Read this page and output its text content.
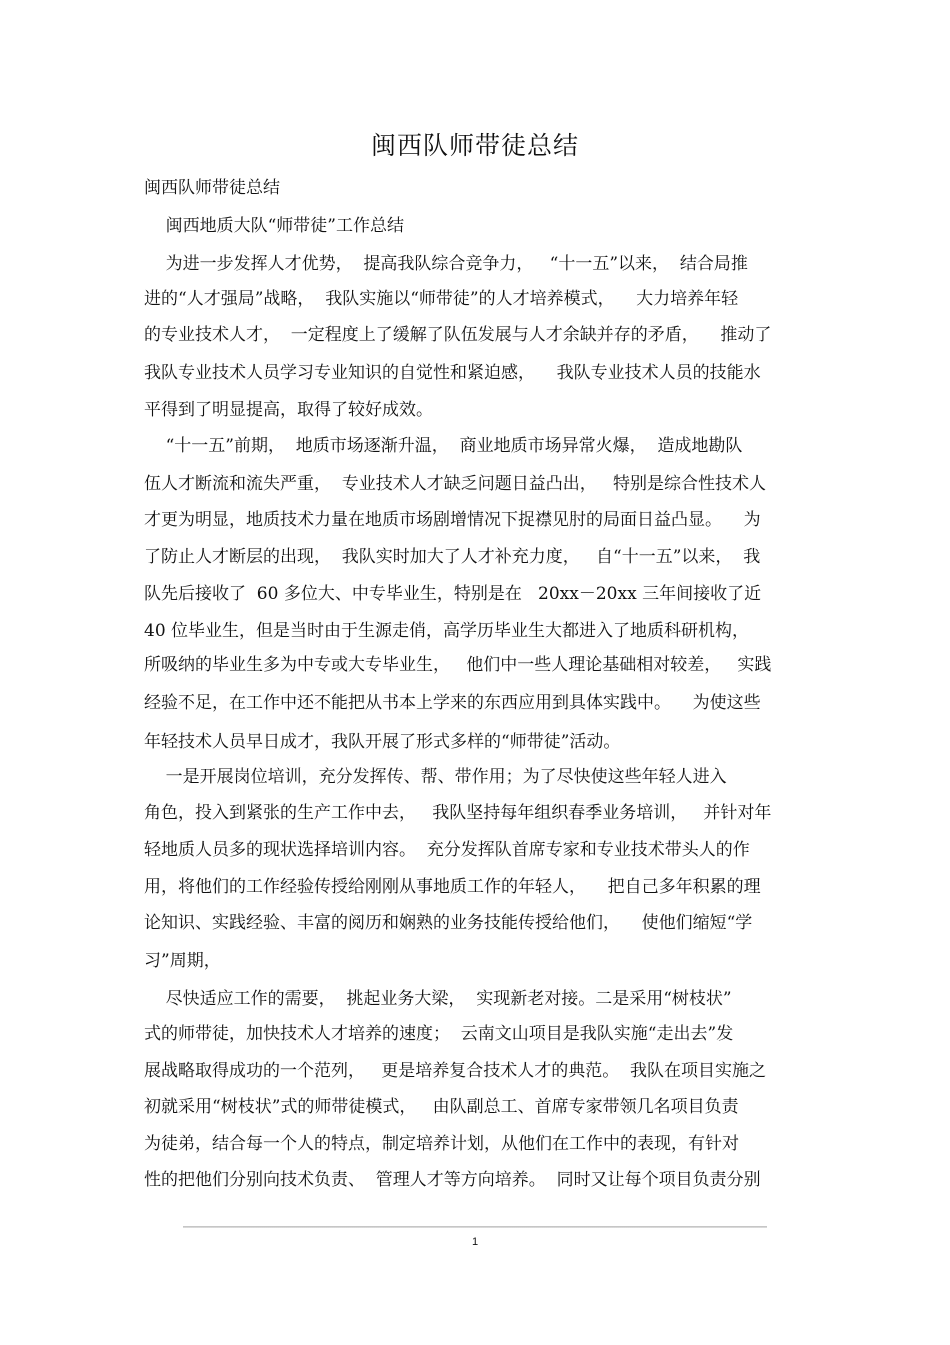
闽西队师带徒总结

闽西队师带徒总结

闽西地质大队“师带徒”工作总结

为进一步发挥人才优势，  提高我队综合竞争力，   “十一五”以来，  结合局推

进的“人才强局”战略，  我队实施以“师带徒”的人才培养模式，    大力培养年轻

的专业技术人才，  一定程度上了缓解了队伍发展与人才余缺并存的矛盾，    推动了

我队专业技术人员学习专业知识的自觉性和紧迫感，    我队专业技术人员的技能水

平得到了明显提高，取得了较好成效。

“十一五”前期，  地质市场逐渐升温，  商业地质市场异常火爆，  造成地勘队

伍人才断流和流失严重，  专业技术人才缺乏问题日益凸出，   特别是综合性技术人

才更为明显，地质技术力量在地质市场剧增情况下捉襟见肘的局面日益凸显。    为

了防止人才断层的出现，  我队实时加大了人才补充力度，   自“十一五”以来，  我

队先后接收了  60 多位大、中专毕业生，特别是在   20xx－20xx 三年间接收了近

40 位毕业生，但是当时由于生源走俏，高学历毕业生大都进入了地质科研机构，

所吸纳的毕业生多为中专或大专毕业生，   他们中一些人理论基础相对较差，   实践

经验不足，在工作中还不能把从书本上学来的东西应用到具体实践中。    为使这些

年轻技术人员早日成才，我队开展了形式多样的“师带徒”活动。

一是开展岗位培训，充分发挥传、帮、带作用；为了尽快使这些年轻人进入

角色，投入到紧张的生产工作中去，   我队坚持每年组织春季业务培训，   并针对年

轻地质人员多的现状选择培训内容。  充分发挥队首席专家和专业技术带头人的作

用，将他们的工作经验传授给刚刚从事地质工作的年轻人，    把自己多年积累的理

论知识、实践经验、丰富的阅历和娴熟的业务技能传授给他们，    使他们缩短“学

习”周期，

尽快适应工作的需要，  挑起业务大梁，  实现新老对接。二是采用“树枝状”

式的师带徒，加快技术人才培养的速度；  云南文山项目是我队实施“走出去”发

展战略取得成功的一个范列，   更是培养复合技术人才的典范。  我队在项目实施之

初就采用“树枝状”式的师带徒模式，   由队副总工、首席专家带领几名项目负责

为徒弟，结合每一个人的特点，制定培养计划，从他们在工作中的表现，有针对

性的把他们分别向技术负责、  管理人才等方向培养。  同时又让每个项目负责分别

1
